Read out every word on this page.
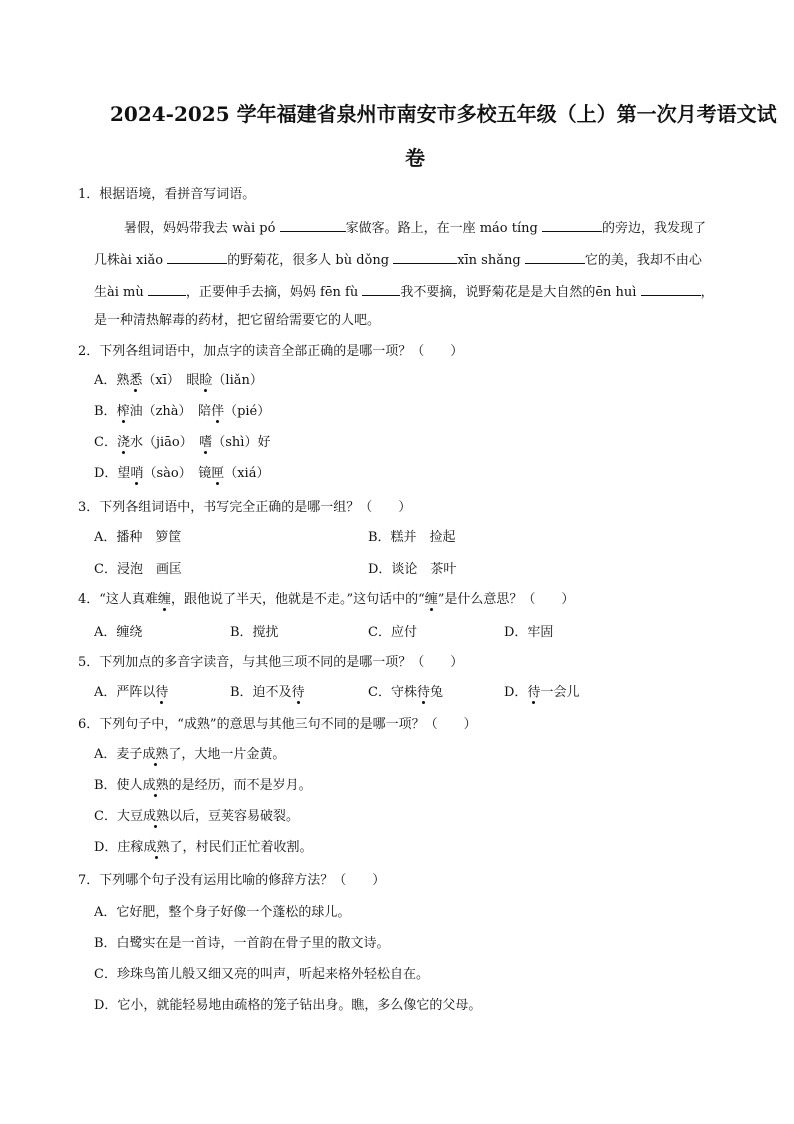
2024-2025 学年福建省泉州市南安市多校五年级（上）第一次月考语文试
卷
1．根据语境，看拼音写词语。
暑假，妈妈带我去 wài pó	家做客。路上，在一座 máo tíng	的旁边，我发现了
几株ài xiǎo	的野菊花，很多人 bù dǒng	xīn shǎng	它的美，我却不由心
生ài mù	，正要伸手去摘，妈妈 fēn fù	我不要摘，说野菊花是是大自然的ēn huì	，
是一种清热解毒的药材，把它留给需要它的人吧。
2．下列各组词语中，加点字的读音全部正确的是哪一项？（　　）
A．熟悉（xī）　眼睑（liǎn）
B．榨油（zhà）　陪伴（pié）
C．浇水（jiāo）　嗜（shì）好
D．望哨（sào）　镜匣（xiá）
3．下列各组词语中，书写完全正确的是哪一组？（　　）
A．播种　箩筐	B．糕并　捡起
C．浸泡　画匡	D．谈论　茶叶
4．“这人真难缠，跟他说了半天，他就是不走。”这句话中的“缠”是什么意思？（　　）
A．缠绕	B．搅扰	C．应付	D．牢固
5．下列加点的多音字读音，与其他三项不同的是哪一项？（　　）
A．严阵以待	B．迫不及待	C．守株待兔	D．待一会儿
6．下列句子中，“成熟”的意思与其他三句不同的是哪一项？（　　）
A．麦子成熟了，大地一片金黄。
B．使人成熟的是经历，而不是岁月。
C．大豆成熟以后，豆荚容易破裂。
D．庄稼成熟了，村民们正忙着收割。
7．下列哪个句子没有运用比喻的修辞方法？（　　）
A．它好肥，整个身子好像一个蓬松的球儿。
B．白鹭实在是一首诗，一首韵在骨子里的散文诗。
C．珍珠鸟笛儿般又细又亮的叫声，听起来格外轻松自在。
D．它小，就能轻易地由疏格的笼子钻出身。瞧，多么像它的父母。
